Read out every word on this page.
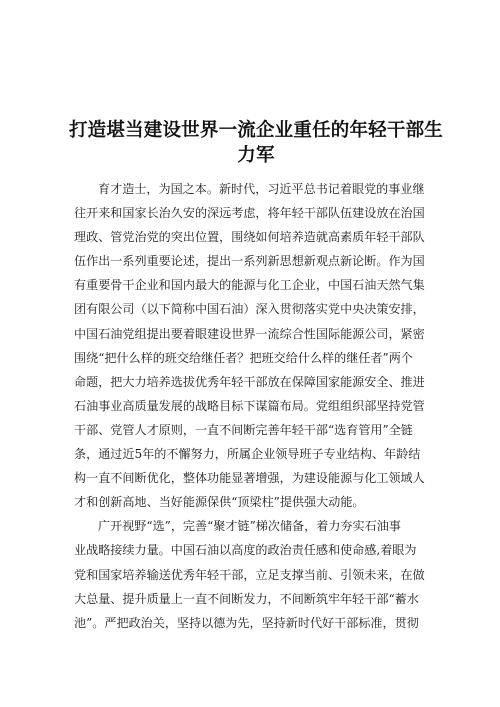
打造堪当建设世界一流企业重任的年轻干部生
力军

育才造士，为国之本。新时代，习近平总书记着眼党的事业继
往开来和国家长治久安的深远考虑，将年轻干部队伍建设放在治国
理政、管党治党的突出位置，围绕如何培养造就高素质年轻干部队
伍作出一系列重要论述，提出一系列新思想新观点新论断。作为国
有重要骨干企业和国内最大的能源与化工企业，中国石油天然气集
团有限公司（以下简称中国石油）深入贯彻落实党中央决策安排，
中国石油党组提出要着眼建设世界一流综合性国际能源公司，紧密
围绕“把什么样的班交给继任者？把班交给什么样的继任者”两个
命题，把大力培养选拔优秀年轻干部放在保障国家能源安全、推进
石油事业高质量发展的战略目标下谋篇布局。党组组织部坚持党管
干部、党管人才原则，一直不间断完善年轻干部“选育管用”全链
条，通过近5年的不懈努力，所属企业领导班子专业结构、年龄结
构一直不间断优化，整体功能显著增强，为建设能源与化工领域人
才和创新高地、当好能源保供“顶梁柱”提供强大动能。

广开视野“选”，完善“聚才链”梯次储备，着力夯实石油事
业战略接续力量。中国石油以高度的政治责任感和使命感,着眼为
党和国家培养输送优秀年轻干部，立足支撑当前、引领未来，在做
大总量、提升质量上一直不间断发力，不间断筑牢年轻干部“蓄水
池”。严把政治关，坚持以德为先，坚持新时代好干部标准，贯彻
